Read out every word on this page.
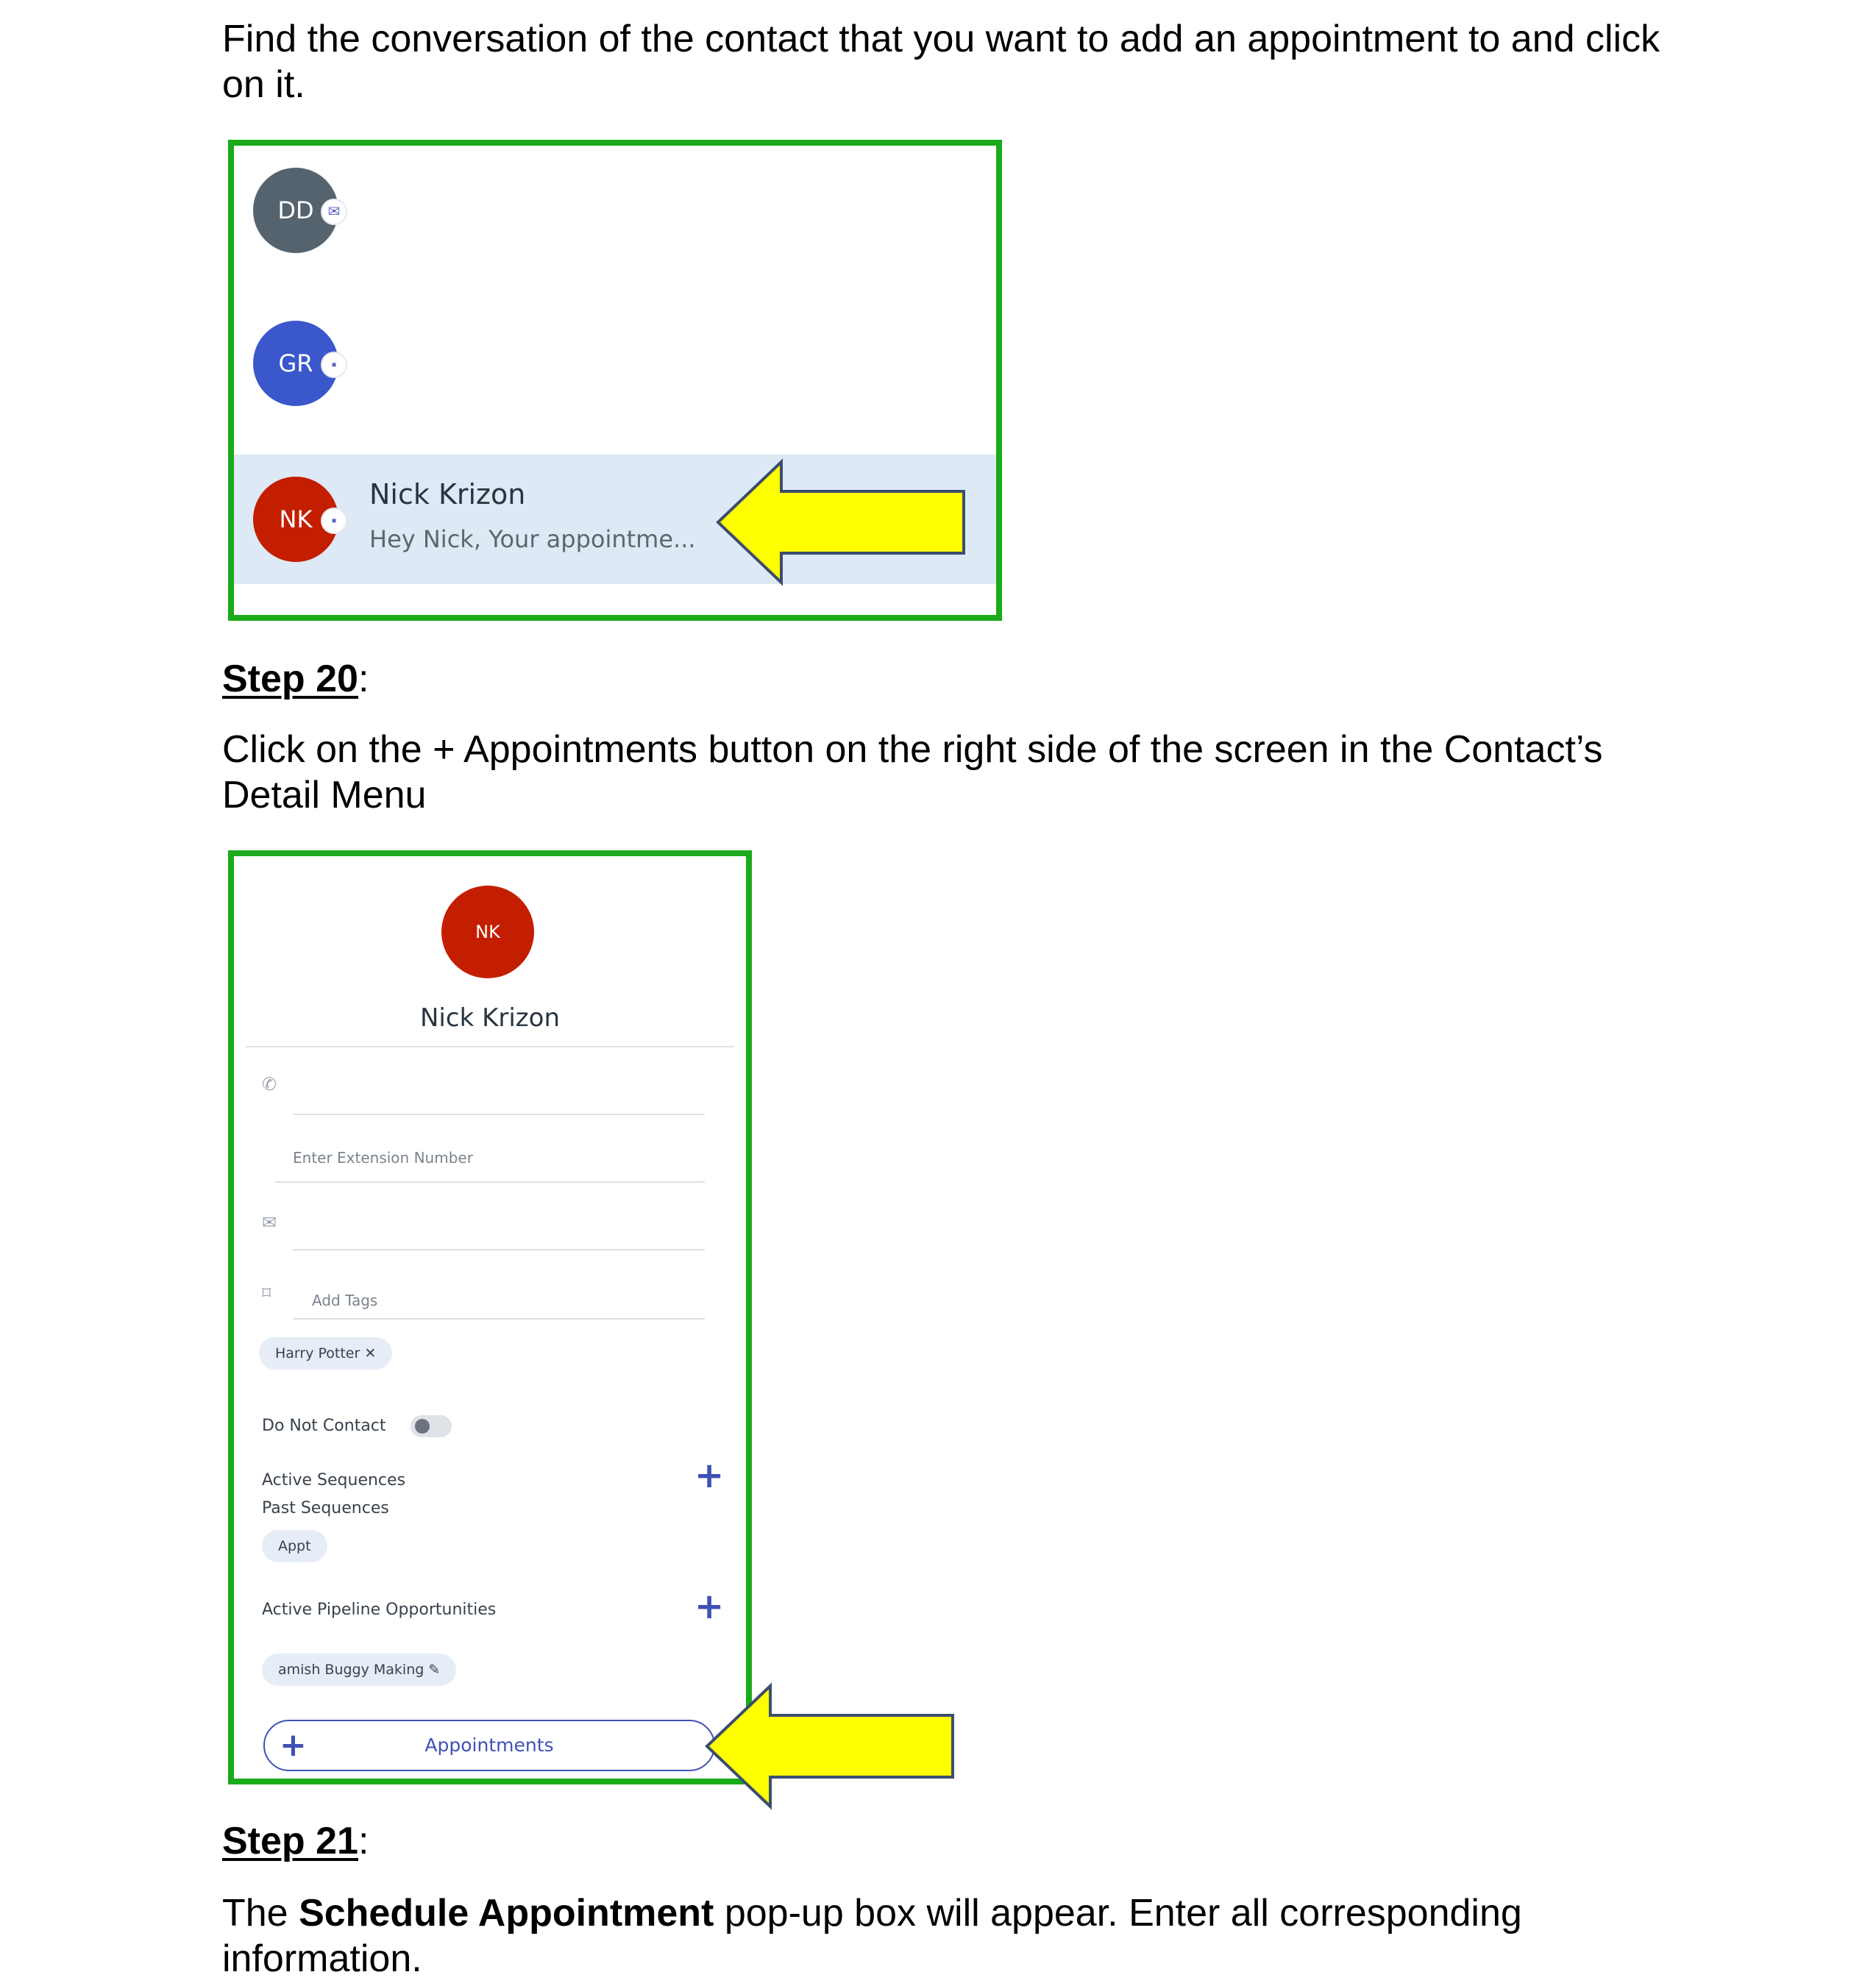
Find the conversation of the contact that you want to add an appointment to and click on it.
DD ✉
GR	▪
NK	▪
Nick Krizon
Hey Nick, Your appointme...
Step 20:
Click on the + Appointments button on the right side of the screen in the Contact’s Detail Menu
NK
Nick Krizon
✆
Enter Extension Number
✉
⌑	Add Tags
Harry Potter ✕
Do Not Contact
Active Sequences	+
Past Sequences
Appt
Active Pipeline Opportunities	+
amish Buggy Making ✎
+	Appointments
Step 21:
The Schedule Appointment pop-up box will appear. Enter all corresponding information.
